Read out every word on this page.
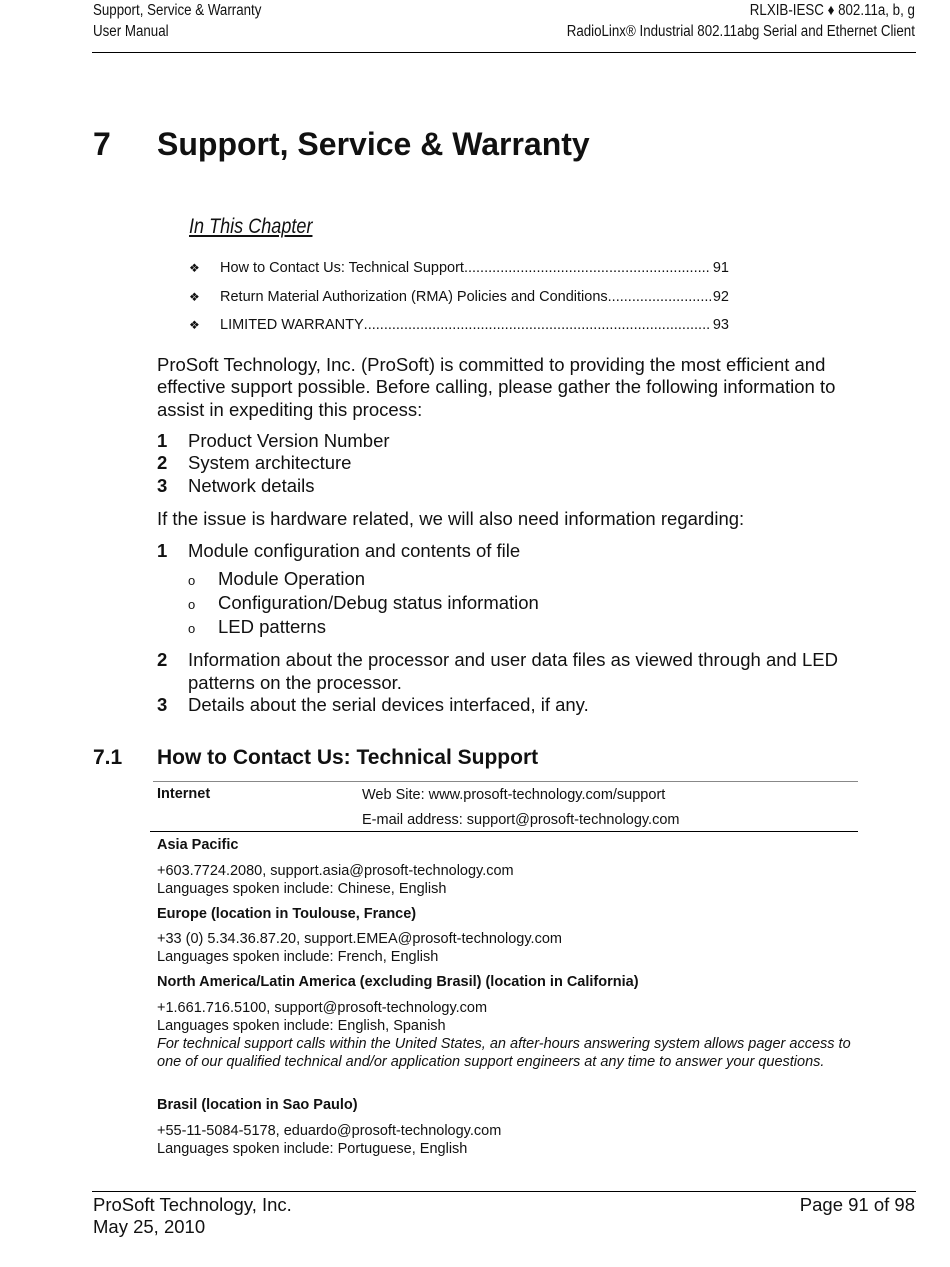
Support, Service & Warranty
User Manual
RLXIB-IESC ♦ 802.11a, b, g
RadioLinx® Industrial 802.11abg Serial and Ethernet Client
7 Support, Service & Warranty
In This Chapter
❖	How to Contact Us: Technical Support .....	91
❖	Return Material Authorization (RMA) Policies and Conditions .....	92
❖	LIMITED WARRANTY .....	93
ProSoft Technology, Inc. (ProSoft) is committed to providing the most efficient and effective support possible. Before calling, please gather the following information to assist in expediting this process:
1	Product Version Number
2	System architecture
3	Network details
If the issue is hardware related, we will also need information regarding:
1	Module configuration and contents of file
o	Module Operation
o	Configuration/Debug status information
o	LED patterns
2	Information about the processor and user data files as viewed through and LED patterns on the processor.
3	Details about the serial devices interfaced, if any.
7.1 How to Contact Us: Technical Support
Internet	Web Site: www.prosoft-technology.com/support
E-mail address: support@prosoft-technology.com
Asia Pacific
+603.7724.2080, support.asia@prosoft-technology.com
Languages spoken include: Chinese, English
Europe (location in Toulouse, France)
+33 (0) 5.34.36.87.20, support.EMEA@prosoft-technology.com
Languages spoken include: French, English
North America/Latin America (excluding Brasil) (location in California)
+1.661.716.5100, support@prosoft-technology.com
Languages spoken include: English, Spanish
For technical support calls within the United States, an after-hours answering system allows pager access to one of our qualified technical and/or application support engineers at any time to answer your questions.
Brasil (location in Sao Paulo)
+55-11-5084-5178, eduardo@prosoft-technology.com
Languages spoken include: Portuguese, English
ProSoft Technology, Inc.
May 25, 2010
Page 91 of 98
